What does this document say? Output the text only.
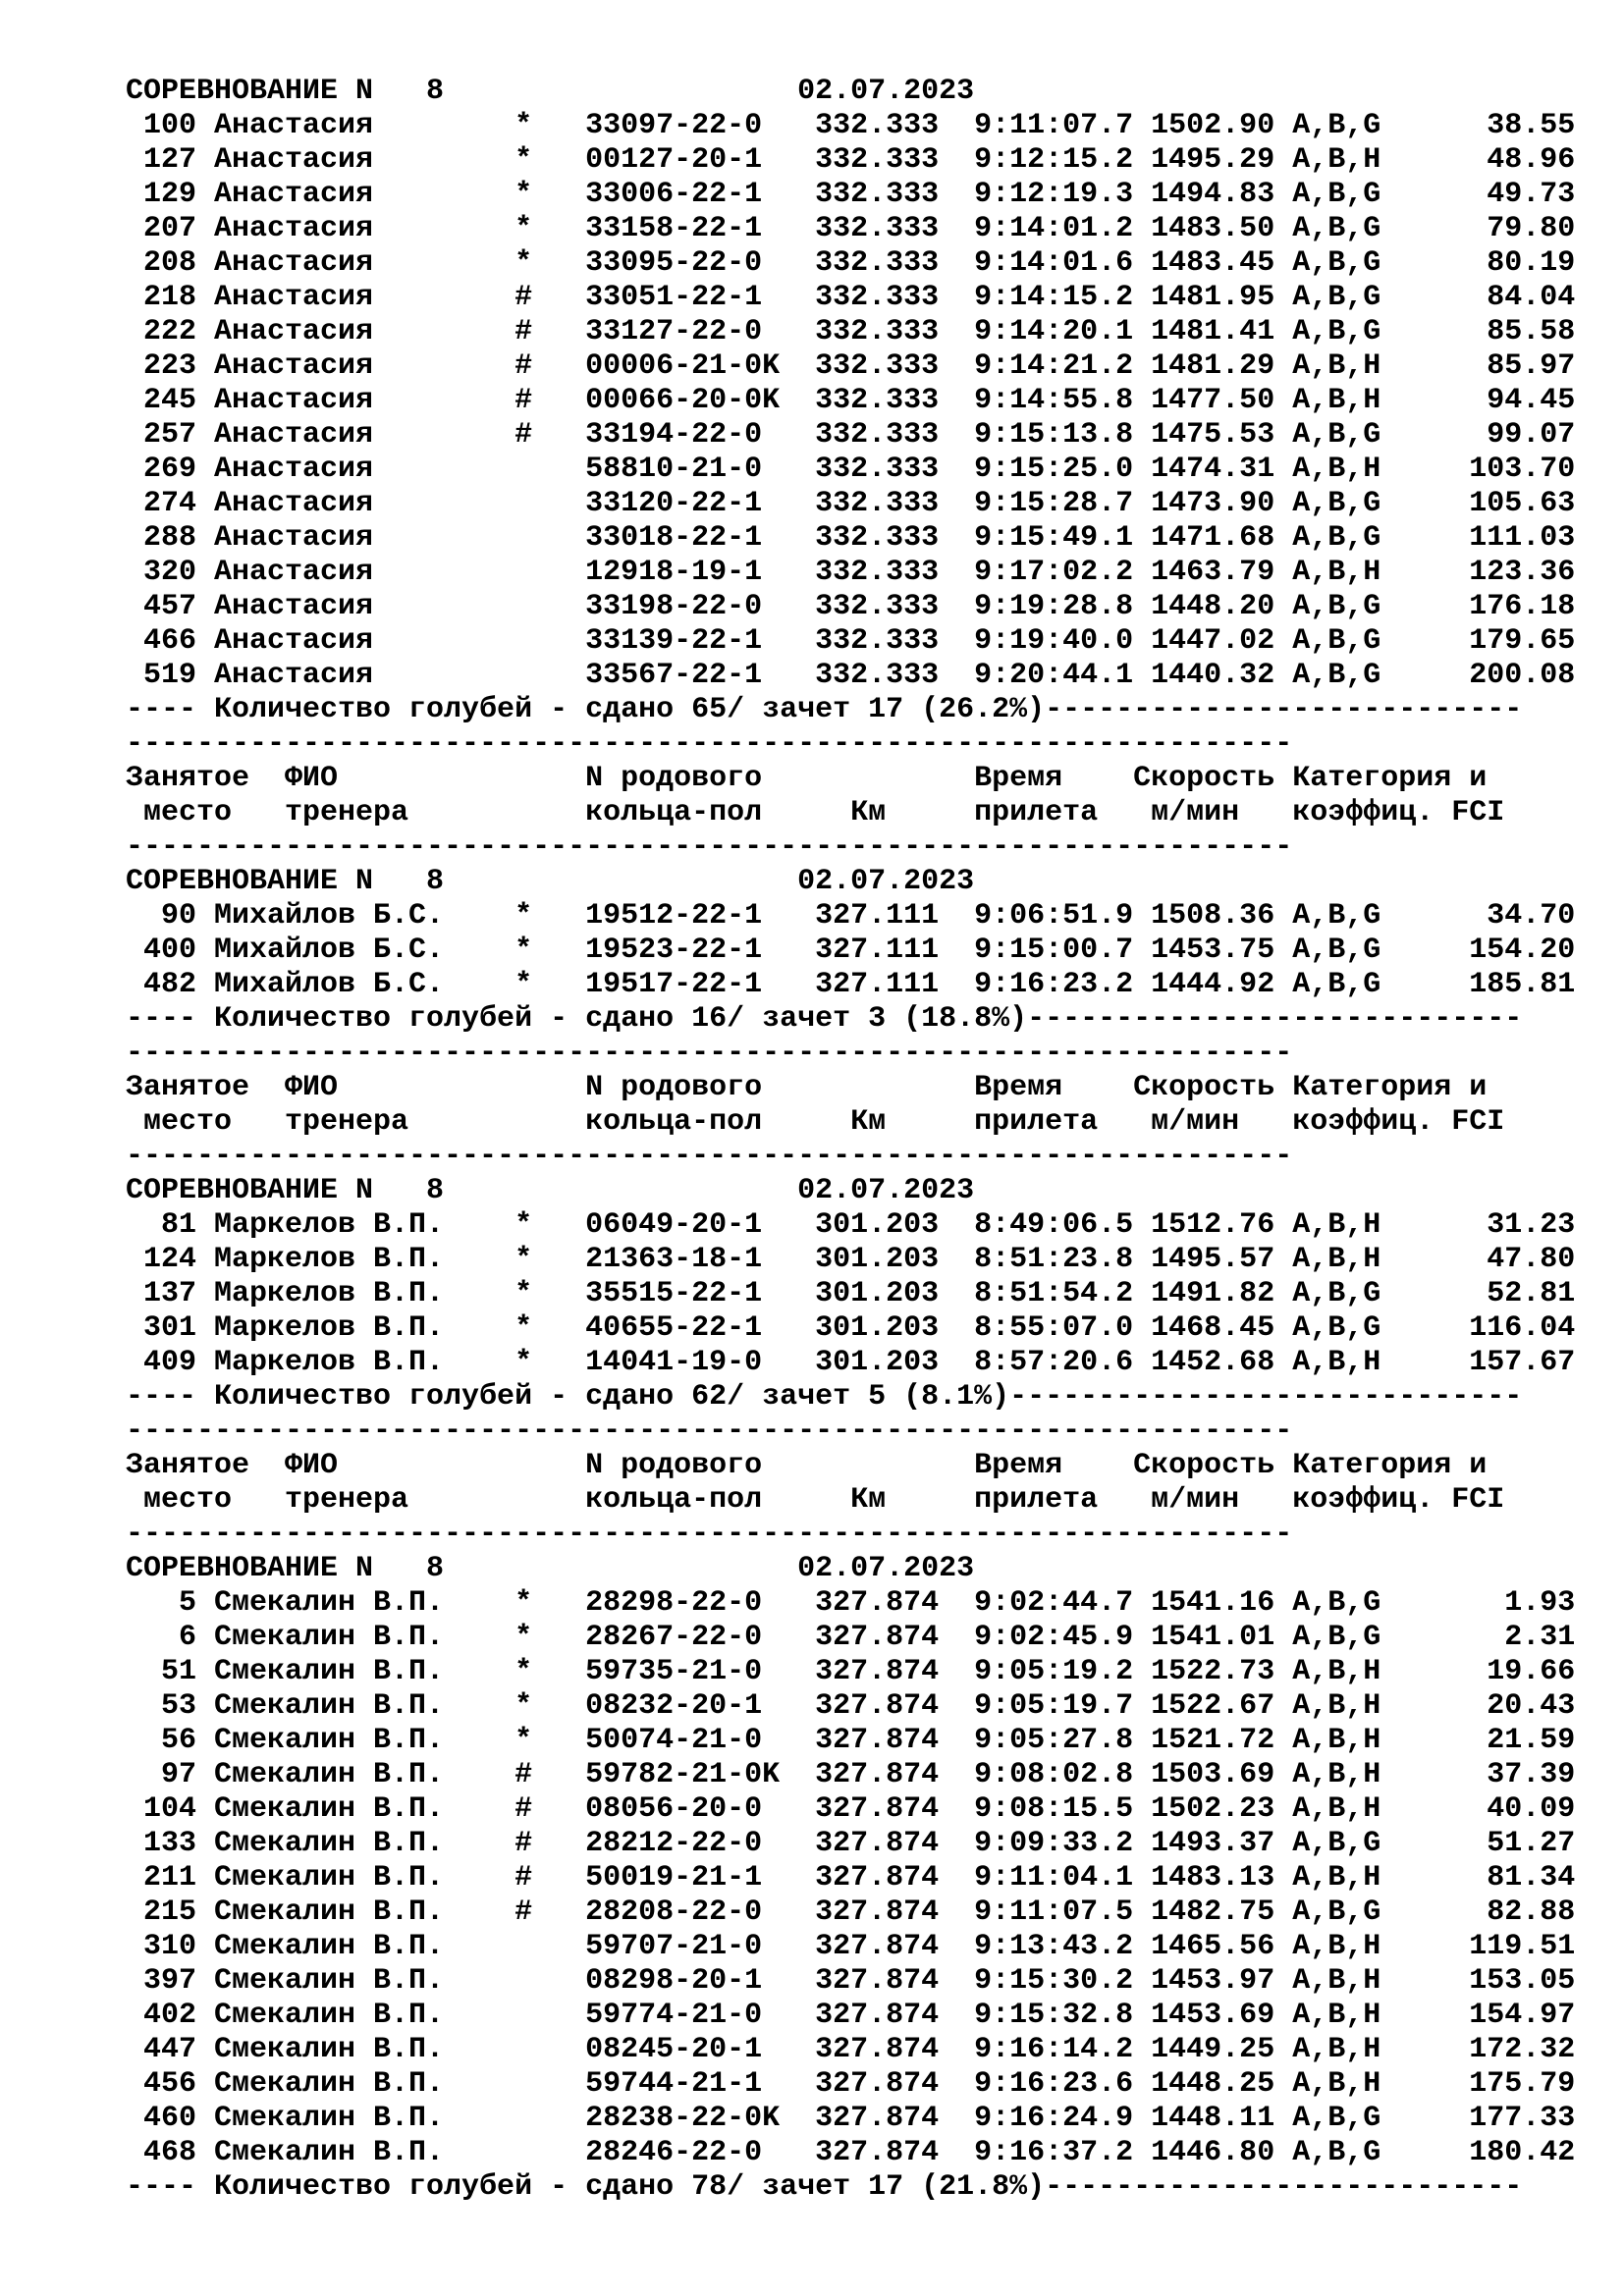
СОРЕВНОВАНИЕ N   8                    02.07.2023
100 Анастасия        *   33097-22-0   332.333  9:11:07.7 1502.90 A,B,G      38.55
127 Анастасия        *   00127-20-1   332.333  9:12:15.2 1495.29 A,B,H      48.96
129 Анастасия        *   33006-22-1   332.333  9:12:19.3 1494.83 A,B,G      49.73
207 Анастасия        *   33158-22-1   332.333  9:14:01.2 1483.50 A,B,G      79.80
208 Анастасия        *   33095-22-0   332.333  9:14:01.6 1483.45 A,B,G      80.19
218 Анастасия        #   33051-22-1   332.333  9:14:15.2 1481.95 A,B,G      84.04
222 Анастасия        #   33127-22-0   332.333  9:14:20.1 1481.41 A,B,G      85.58
223 Анастасия        #   00006-21-0K  332.333  9:14:21.2 1481.29 A,B,H      85.97
245 Анастасия        #   00066-20-0K  332.333  9:14:55.8 1477.50 A,B,H      94.45
257 Анастасия        #   33194-22-0   332.333  9:15:13.8 1475.53 A,B,G      99.07
269 Анастасия            58810-21-0   332.333  9:15:25.0 1474.31 A,B,H     103.70
274 Анастасия            33120-22-1   332.333  9:15:28.7 1473.90 A,B,G     105.63
288 Анастасия            33018-22-1   332.333  9:15:49.1 1471.68 A,B,G     111.03
320 Анастасия            12918-19-1   332.333  9:17:02.2 1463.79 A,B,H     123.36
457 Анастасия            33198-22-0   332.333  9:19:28.8 1448.20 A,B,G     176.18
466 Анастасия            33139-22-1   332.333  9:19:40.0 1447.02 A,B,G     179.65
519 Анастасия            33567-22-1   332.333  9:20:44.1 1440.32 A,B,G     200.08
---- Количество голубей - сдано 65/ зачет 17 (26.2%)---------------------------
------------------------------------------------------------------
Занятое  ФИО              N родового            Время    Скорость Категория и
место   тренера          кольца-пол     Км     прилета   м/мин   коэффиц. FCI
------------------------------------------------------------------
СОРЕВНОВАНИЕ N   8                    02.07.2023
90 Михайлов Б.С.    *   19512-22-1   327.111  9:06:51.9 1508.36 A,B,G      34.70
400 Михайлов Б.С.    *   19523-22-1   327.111  9:15:00.7 1453.75 A,B,G     154.20
482 Михайлов Б.С.    *   19517-22-1   327.111  9:16:23.2 1444.92 A,B,G     185.81
---- Количество голубей - сдано 16/ зачет 3 (18.8%)----------------------------
------------------------------------------------------------------
Занятое  ФИО              N родового            Время    Скорость Категория и
место   тренера          кольца-пол     Км     прилета   м/мин   коэффиц. FCI
------------------------------------------------------------------
СОРЕВНОВАНИЕ N   8                    02.07.2023
81 Маркелов В.П.    *   06049-20-1   301.203  8:49:06.5 1512.76 A,B,H      31.23
124 Маркелов В.П.    *   21363-18-1   301.203  8:51:23.8 1495.57 A,B,H      47.80
137 Маркелов В.П.    *   35515-22-1   301.203  8:51:54.2 1491.82 A,B,G      52.81
301 Маркелов В.П.    *   40655-22-1   301.203  8:55:07.0 1468.45 A,B,G     116.04
409 Маркелов В.П.    *   14041-19-0   301.203  8:57:20.6 1452.68 A,B,H     157.67
---- Количество голубей - сдано 62/ зачет 5 (8.1%)-----------------------------
------------------------------------------------------------------
Занятое  ФИО              N родового            Время    Скорость Категория и
место   тренера          кольца-пол     Км     прилета   м/мин   коэффиц. FCI
------------------------------------------------------------------
СОРЕВНОВАНИЕ N   8                    02.07.2023
5 Смекалин В.П.    *   28298-22-0   327.874  9:02:44.7 1541.16 A,B,G       1.93
6 Смекалин В.П.    *   28267-22-0   327.874  9:02:45.9 1541.01 A,B,G       2.31
51 Смекалин В.П.    *   59735-21-0   327.874  9:05:19.2 1522.73 A,B,H      19.66
53 Смекалин В.П.    *   08232-20-1   327.874  9:05:19.7 1522.67 A,B,H      20.43
56 Смекалин В.П.    *   50074-21-0   327.874  9:05:27.8 1521.72 A,B,H      21.59
97 Смекалин В.П.    #   59782-21-0K  327.874  9:08:02.8 1503.69 A,B,H      37.39
104 Смекалин В.П.    #   08056-20-0   327.874  9:08:15.5 1502.23 A,B,H      40.09
133 Смекалин В.П.    #   28212-22-0   327.874  9:09:33.2 1493.37 A,B,G      51.27
211 Смекалин В.П.    #   50019-21-1   327.874  9:11:04.1 1483.13 A,B,H      81.34
215 Смекалин В.П.    #   28208-22-0   327.874  9:11:07.5 1482.75 A,B,G      82.88
310 Смекалин В.П.        59707-21-0   327.874  9:13:43.2 1465.56 A,B,H     119.51
397 Смекалин В.П.        08298-20-1   327.874  9:15:30.2 1453.97 A,B,H     153.05
402 Смекалин В.П.        59774-21-0   327.874  9:15:32.8 1453.69 A,B,H     154.97
447 Смекалин В.П.        08245-20-1   327.874  9:16:14.2 1449.25 A,B,H     172.32
456 Смекалин В.П.        59744-21-1   327.874  9:16:23.6 1448.25 A,B,H     175.79
460 Смекалин В.П.        28238-22-0K  327.874  9:16:24.9 1448.11 A,B,G     177.33
468 Смекалин В.П.        28246-22-0   327.874  9:16:37.2 1446.80 A,B,G     180.42
---- Количество голубей - сдано 78/ зачет 17 (21.8%)---------------------------
